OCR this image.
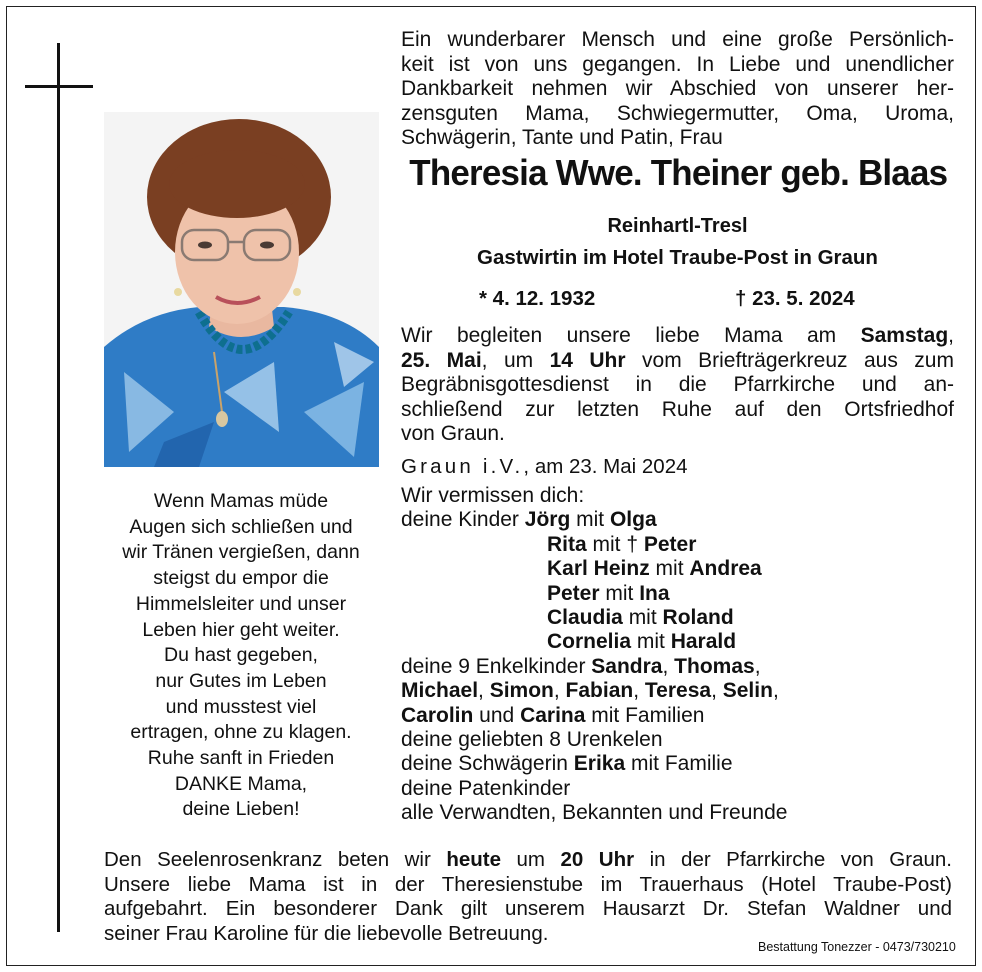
Wenn Mamas müde
Augen sich schließen und
wir Tränen vergießen, dann
steigst du empor die
Himmelsleiter und unser
Leben hier geht weiter.
Du hast gegeben,
nur Gutes im Leben
und musstest viel
ertragen, ohne zu klagen.
Ruhe sanft in Frieden
DANKE Mama,
deine Lieben!
Ein wunderbarer Mensch und eine große Persönlich-
keit ist von uns gegangen. In Liebe und unendlicher
Dankbarkeit nehmen wir Abschied von unserer her-
zensguten Mama, Schwiegermutter, Oma, Uroma,
Schwägerin, Tante und Patin, Frau
Theresia Wwe. Theiner geb. Blaas
Reinhartl-Tresl
Gastwirtin im Hotel Traube-Post in Graun
* 4. 12. 1932	† 23. 5. 2024
Wir begleiten unsere liebe Mama am Samstag,
25. Mai, um 14 Uhr vom Briefträgerkreuz aus zum
Begräbnisgottesdienst in die Pfarrkirche und an-
schließend zur letzten Ruhe auf den Ortsfriedhof
von Graun.
Graun i.V., am 23. Mai 2024
Wir vermissen dich:
deine Kinder Jörg mit Olga
Rita mit † Peter
Karl Heinz mit Andrea
Peter mit Ina
Claudia mit Roland
Cornelia mit Harald
deine 9 Enkelkinder Sandra, Thomas,
Michael, Simon, Fabian, Teresa, Selin,
Carolin und Carina mit Familien
deine geliebten 8 Urenkelen
deine Schwägerin Erika mit Familie
deine Patenkinder
alle Verwandten, Bekannten und Freunde
Den Seelenrosenkranz beten wir heute um 20 Uhr in der Pfarrkirche von Graun.
Unsere liebe Mama ist in der Theresienstube im Trauerhaus (Hotel Traube-Post)
aufgebahrt. Ein besonderer Dank gilt unserem Hausarzt Dr. Stefan Waldner und
seiner Frau Karoline für die liebevolle Betreuung.
Bestattung Tonezzer - 0473/730210
